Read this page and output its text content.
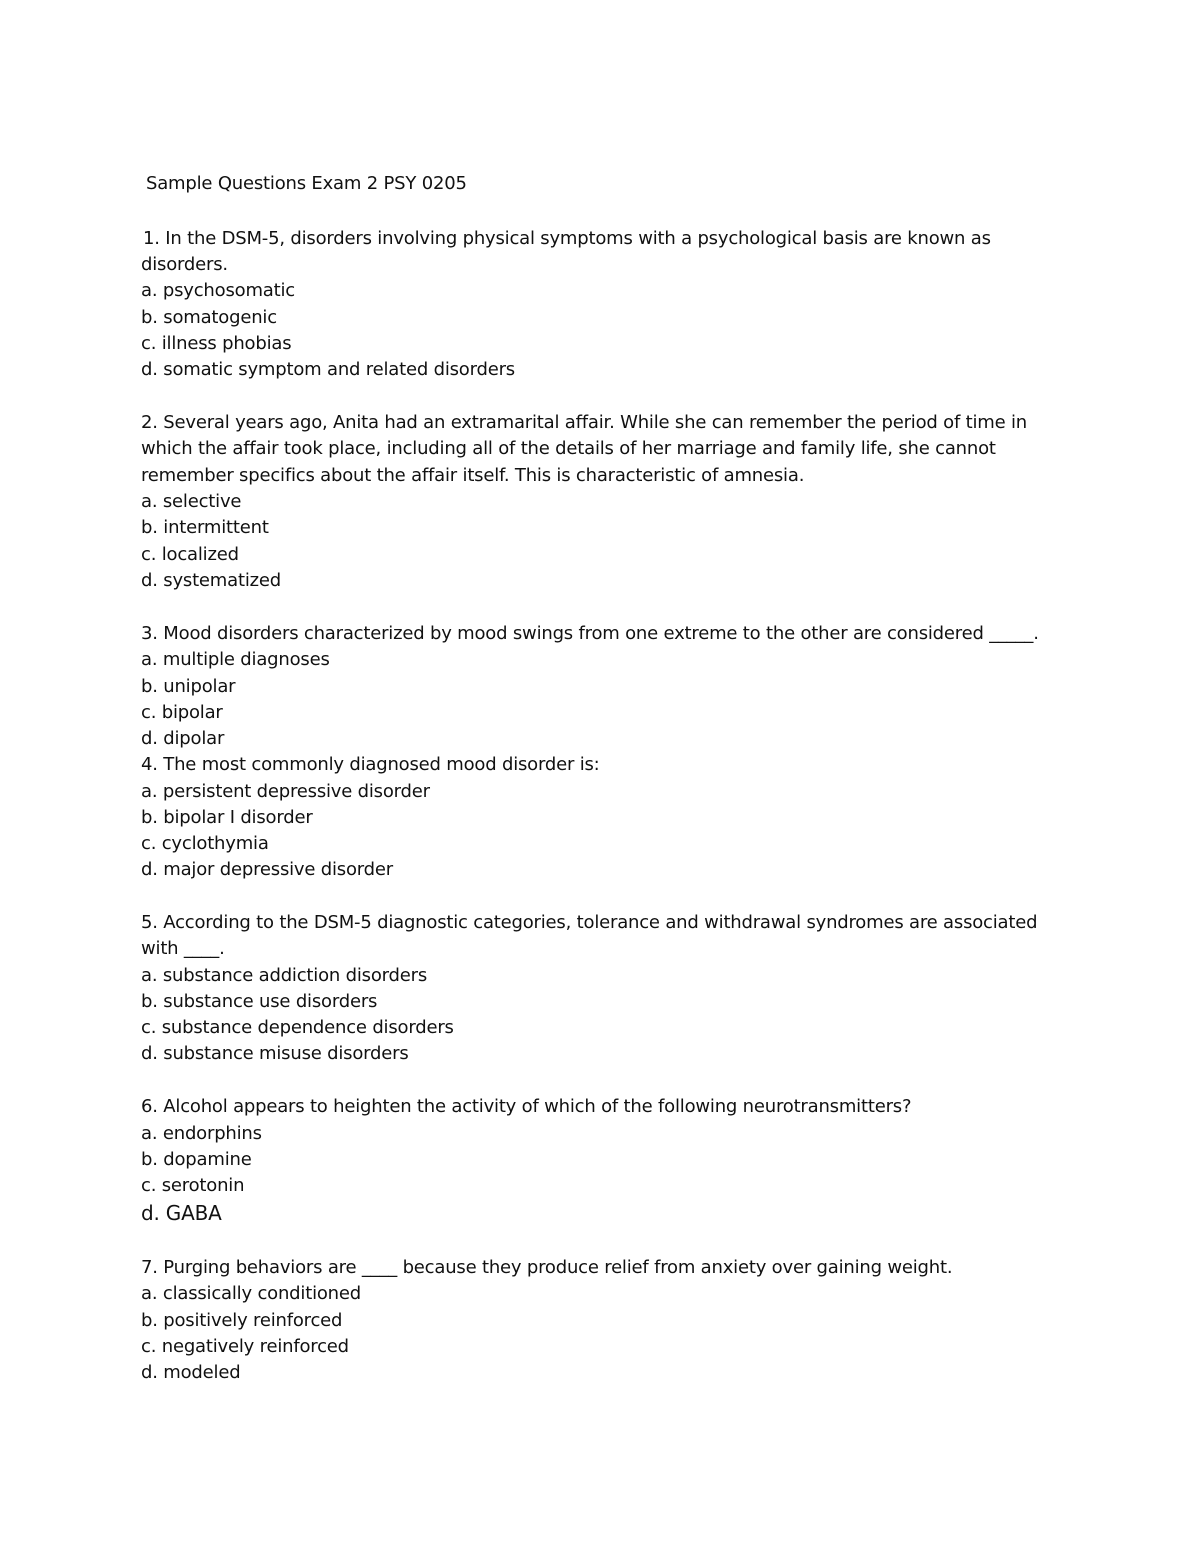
Sample Questions Exam 2 PSY 0205
1. In the DSM-5, disorders involving physical symptoms with a psychological basis are known as
disorders.
a. psychosomatic
b. somatogenic
c. illness phobias
d. somatic symptom and related disorders
2. Several years ago, Anita had an extramarital affair. While she can remember the period of time in
which the affair took place, including all of the details of her marriage and family life, she cannot
remember specifics about the affair itself. This is characteristic of amnesia.
a. selective
b. intermittent
c. localized
d. systematized
3. Mood disorders characterized by mood swings from one extreme to the other are considered _____.
a. multiple diagnoses
b. unipolar
c. bipolar
d. dipolar
4. The most commonly diagnosed mood disorder is:
a. persistent depressive disorder
b. bipolar I disorder
c. cyclothymia
d. major depressive disorder
5. According to the DSM-5 diagnostic categories, tolerance and withdrawal syndromes are associated
with ____.
a. substance addiction disorders
b. substance use disorders
c. substance dependence disorders
d. substance misuse disorders
6. Alcohol appears to heighten the activity of which of the following neurotransmitters?
a. endorphins
b. dopamine
c. serotonin
d. GABA
7. Purging behaviors are ____ because they produce relief from anxiety over gaining weight.
a. classically conditioned
b. positively reinforced
c. negatively reinforced
d. modeled
